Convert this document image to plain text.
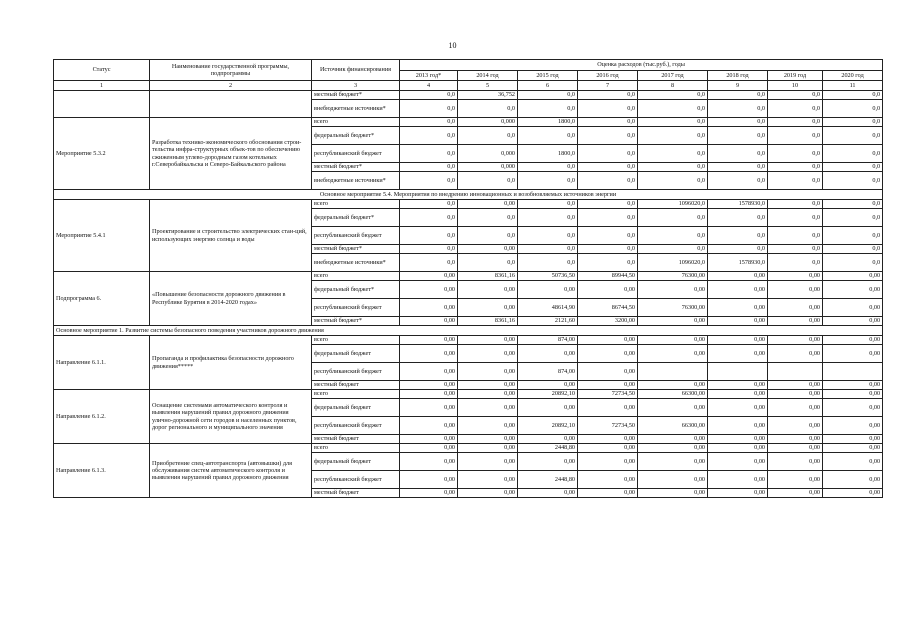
10
Статус	Наименование государственной программы, подпрограммы	Источник финансирования	Оценка расходов (тыс.руб.), годы							
			2013 год*	2014 год	2015 год	2016 год	2017 год	2018 год	2019 год	2020 год
1	2	3	4	5	6	7	8	9	10	11
		местный бюджет*	0,0	36,752	0,0	0,0	0,0	0,0	0,0	0,0
		внебюджетные источники*	0,0	0,0	0,0	0,0	0,0	0,0	0,0	0,0
Мероприятие 5.3.2	Разработка технико-экономического обоснования строи-тельства инфра-структурных объек-тов по обеспечению сжиженным углево-дородным газом котельных г.Северобайкальска и Северо-Байкальского района	всего	0,0	0,000	1800,0	0,0	0,0	0,0	0,0	0,0
		федеральный бюджет*	0,0	0,0	0,0	0,0	0,0	0,0	0,0	0,0
		республиканский бюджет	0,0	0,000	1800,0	0,0	0,0	0,0	0,0	0,0
		местный бюджет*	0,0	0,000	0,0	0,0	0,0	0,0	0,0	0,0
		внебюджетные источники*	0,0	0,0	0,0	0,0	0,0	0,0	0,0	0,0
Основное мероприятие 5.4. Мероприятия по внедрению инновационных и возобновляемых источников энергии										
Мероприятие 5.4.1	Проектирование и строительство электрических стан-ций, использующих энергию солнца и воды	всего	0,0	0,00	0,0	0,0	1096020,0	1578930,0	0,0	0,0
		федеральный бюджет*	0,0	0,0	0,0	0,0	0,0	0,0	0,0	0,0
		республиканский бюджет	0,0	0,0	0,0	0,0	0,0	0,0	0,0	0,0
		местный бюджет*	0,0	0,00	0,0	0,0	0,0	0,0	0,0	0,0
		внебюджетные источники*	0,0	0,0	0,0	0,0	1096020,0	1578930,0	0,0	0,0
Подпрограмма 6.	«Повышение безопасности дорожного движения в Республике Бурятия в 2014-2020 годах»	всего	0,00	8361,16	50736,50	89944,50	76300,00	0,00	0,00	0,00
		федеральный бюджет*	0,00	0,00	0,00	0,00	0,00	0,00	0,00	0,00
		республиканский бюджет	0,00	0,00	48614,90	86744,50	76300,00	0,00	0,00	0,00
		местный бюджет*	0,00	8361,16	2121,60	3200,00	0,00	0,00	0,00	0,00
Основное мероприятие 1. Развитие системы безопасного поведения участников дорожного движения										
Направление 6.1.1.	Пропаганда и профилактика безопасности дорожного движения*****	всего	0,00	0,00	874,00	0,00	0,00	0,00	0,00	0,00
		федеральный бюджет	0,00	0,00	0,00	0,00	0,00	0,00	0,00	0,00
		республиканский бюджет	0,00	0,00	874,00	0,00				
		местный бюджет	0,00	0,00	0,00	0,00	0,00	0,00	0,00	0,00
Направление 6.1.2.	Оснащение системами автоматического контроля и выявления нарушений правил дорожного движения улично-дорожной сети городов и населенных пунктов, дорог регионального и муниципального значения	всего	0,00	0,00	20892,10	72734,50	66300,00	0,00	0,00	0,00
		федеральный бюджет	0,00	0,00	0,00	0,00	0,00	0,00	0,00	0,00
		республиканский бюджет	0,00	0,00	20892,10	72734,50	66300,00	0,00	0,00	0,00
		местный бюджет	0,00	0,00	0,00	0,00	0,00	0,00	0,00	0,00
Направление 6.1.3.	Приобретение спец-автотранспорта (автовышки) для обслуживания систем автоматического контроля и выявления нарушений правил дорожного движения	всего	0,00	0,00	2448,80	0,00	0,00	0,00	0,00	0,00
		федеральный бюджет	0,00	0,00	0,00	0,00	0,00	0,00	0,00	0,00
		республиканский бюджет	0,00	0,00	2448,80	0,00	0,00	0,00	0,00	0,00
		местный бюджет	0,00	0,00	0,00	0,00	0,00	0,00	0,00	0,00
